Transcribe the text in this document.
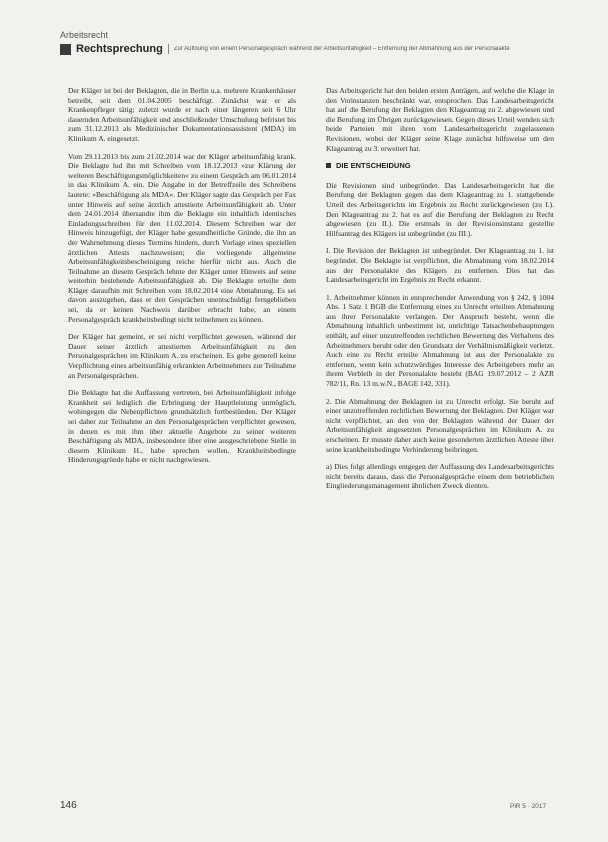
Arbeitsrecht
Rechtsprechung Zur Auflöung von einem Personalgespräch während der Arbeitsunfähigkeit – Entfernung der Abmahnung aus der Personalakte

Der Kläger ist bei der Beklagten, die in Berlin u.a. mehrere Krankenhäuser betreibt, seit dem 01.04.2005 beschäftigt. Zunächst war er als Krankenpfleger tätig; zuletzt wurde er nach einer längeren seit 6 Uhr dauernden Arbeitsunfähigkeit und anschließender Umschulung befristet bis zum 31.12.2013 als Medizinischer Dokumentationsassistent (MDA) im Klinikum A. eingesetzt.

Vom 29.11.2013 bis zum 21.02.2014 war der Kläger arbeitsunfähig krank. Die Beklagte lud ihn mit Schreiben vom 18.12.2013 »zur Klärung der weiteren Beschäftigungsmöglichkeiten« zu einem Gespräch am 06.01.2014 in das Klinikum A. ein. Die Angabe in der Betreffzeile des Schreibens lautete: »Beschäftigung als MDA«. Der Kläger sagte das Gespräch per Fax unter Hinweis auf seine ärztlich attestierte Arbeitsunfähigkeit ab. Unter dem 24.01.2014 übersandte ihm die Beklagte ein inhaltlich identisches Einladungsschreiben für den 11.02.2014. Diesem Schreiben war der Hinweis hinzugefügt, der Kläger habe gesundheitliche Gründe, die ihn an der Wahrnehmung dieses Termins hindern, durch Vorlage eines speziellen ärztlichen Attests nachzuweisen; die vorliegende allgemeine Arbeitsunfähigkeitsbescheinigung reiche hierfür nicht aus. Auch die Teilnahme an diesem Gespräch lehnte der Kläger unter Hinweis auf seine weiterhin bestehende Arbeitsunfähigkeit ab. Die Beklagte erteilte dem Kläger daraufhin mit Schreiben vom 18.02.2014 eine Abmahnung. Es sei davon auszugehen, dass er den Gesprächen unentschuldigt ferngeblieben sei, da er keinen Nachweis darüber erbracht habe, an einem Personalgespräch krankheitsbedingt nicht teilnehmen zu können.

Der Kläger hat gemeint, er sei nicht verpflichtet gewesen, während der Dauer seiner ärztlich attestierten Arbeitsunfähigkeit zu den Personalgesprächen im Klinikum A. zu erscheinen. Es gebe generell keine Verpflichtung eines arbeitsunfähig erkrankten Arbeitnehmers zur Teilnahme an Personalgesprächen.

Die Beklagte hat die Auffassung vertreten, bei Arbeitsunfähigkeit infolge Krankheit sei lediglich die Erbringung der Hauptleistung unmöglich, wohingegen die Nebenpflichten grundsätzlich fortbestünden. Der Kläger sei daher zur Teilnahme an den Personalgesprächen verpflichtet gewesen, in denen es mit ihm über aktuelle Angebote zu seiner weiteren Beschäftigung als MDA, insbesondere über eine ausgeschriebene Stelle in diesem Klinikum H., habe sprechen wollen. Krankheitsbedingte Hinderungsgründe habe er nicht nachgewiesen.

Das Arbeitsgericht hat den beiden ersten Anträgen, auf welche die Klage in den Vorinstanzen beschränkt war, entsprochen. Das Landesarbeitsgericht hat auf die Berufung der Beklagten den Klageantrag zu 2. abgewiesen und die Berufung im Übrigen zurückgewiesen. Gegen dieses Urteil wenden sich beide Parteien mit ihren vom Landesarbeitsgericht zugelassenen Revisionen, wobei der Kläger seine Klage zunächst hilfsweise um den Klageantrag zu 3. erweitert hat.

DIE ENTSCHEIDUNG

Die Revisionen sind unbegründet. Das Landesarbeitsgericht hat die Berufung der Beklagten gegen das dem Klageantrag zu 1. stattgebende Urteil des Arbeitsgerichts im Ergebnis zu Recht zurückgewiesen (zu I.). Den Klageantrag zu 2. hat es auf die Berufung der Beklagten zu Recht abgewiesen (zu II.). Die erstmals in der Revisionsinstanz gestellte Hilfsantrag des Klägers ist unbegründet (zu III.).

I. Die Revision der Beklagten ist unbegründet. Der Klageantrag zu 1. ist begründet. Die Beklagte ist verpflichtet, die Abmahnung vom 18.02.2014 aus der Personalakte des Klägers zu entfernen. Dies hat das Landesarbeitsgericht im Ergebnis zu Recht erkannt.

1. Arbeitnehmer können in entsprechender Anwendung von § 242, § 1004 Abs. 1 Satz 1 BGB die Entfernung eines zu Unrecht erteilten Abmahnung aus ihrer Personalakte verlangen. Der Anspruch besteht, wenn die Abmahnung inhaltlich unbestimmt ist, unrichtige Tatsachenbehauptungen enthält, auf einer unzutreffenden rechtlichen Bewertung des Verhaltens des Arbeitnehmers beruht oder den Grundsatz der Verhältnismäßigkeit verletzt. Auch eine zu Recht erteilte Abmahnung ist aus der Personalakte zu entfernen, wenn kein schutzwürdiges Interesse des Arbeitgebers mehr an ihrem Verbleib in der Personalakte besteht (BAG 19.07.2012 – 2 AZR 782/11, Rn. 13 m.w.N., BAGE 142, 331).

2. Die Abmahnung der Beklagten ist zu Unrecht erfolgt. Sie beruht auf einer unzutreffenden rechtlichen Bewertung der Beklagten. Der Kläger war nicht verpflichtet, an den von der Beklagten während der Dauer der Arbeitsunfähigkeit angesetzten Personalgesprächen im Klinikum A. zu erscheinen. Er musste daher auch keine gesonderten ärztlichen Atteste über seine krankheitsbedingte Verhinderung beibringen.

a) Dies folgt allerdings entgegen der Auffassung des Landesarbeitsgerichts nicht bereits daraus, dass die Personalgespräche einem dem betrieblichen Eingliederungsmanagement ähnlichen Zweck dienten.

146	PiR 5 · 2017
